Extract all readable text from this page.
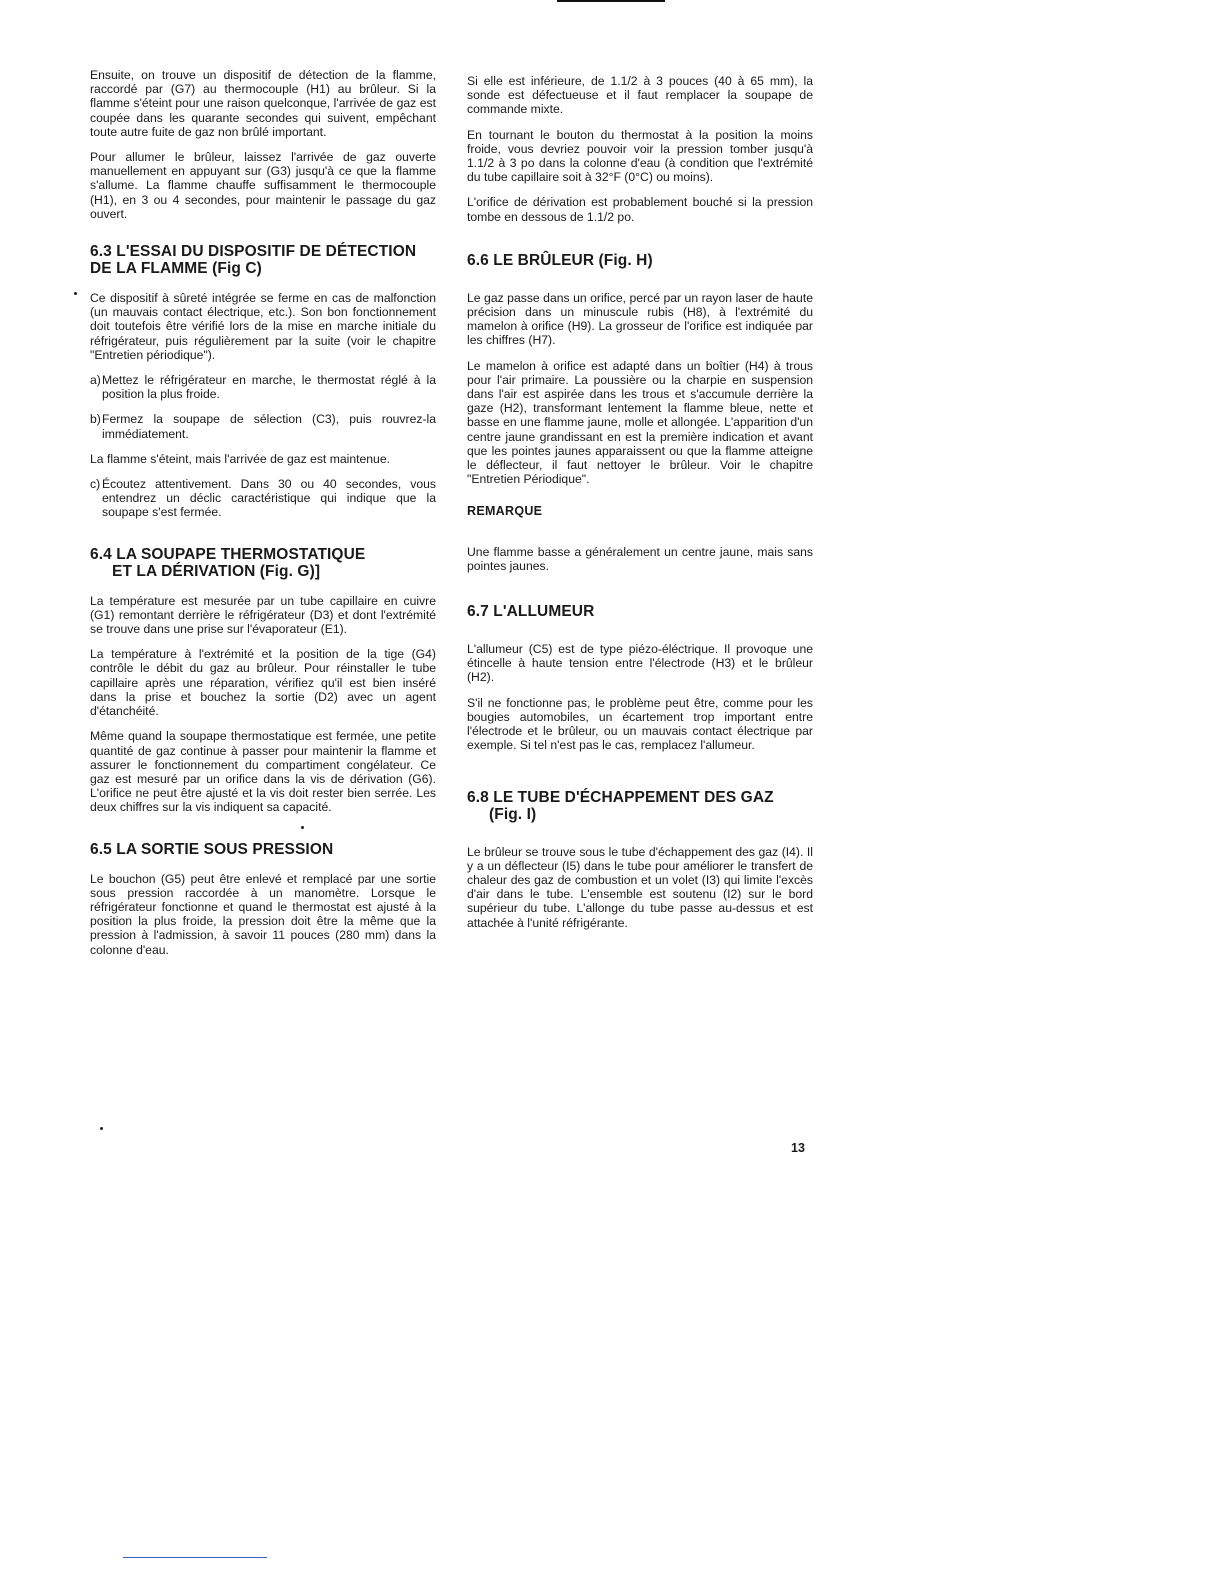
Ensuite, on trouve un dispositif de détection de la flamme, raccordé par (G7) au thermocouple (H1) au brûleur. Si la flamme s'éteint pour une raison quelconque, l'arrivée de gaz est coupée dans les quarante secondes qui suivent, empêchant toute autre fuite de gaz non brûlé important.

Pour allumer le brûleur, laissez l'arrivée de gaz ouverte manuellement en appuyant sur (G3) jusqu'à ce que la flamme s'allume. La flamme chauffe suffisamment le thermocouple (H1), en 3 ou 4 secondes, pour maintenir le passage du gaz ouvert.

6.3 L'ESSAI DU DISPOSITIF DE DÉTECTION
DE LA FLAMME (Fig C)

Ce dispositif à sûreté intégrée se ferme en cas de malfonction (un mauvais contact électrique, etc.). Son bon fonctionnement doit toutefois être vérifié lors de la mise en marche initiale du réfrigérateur, puis régulièrement par la suite (voir le chapitre "Entretien périodique").

a) Mettez le réfrigérateur en marche, le thermostat réglé à la position la plus froide.
b) Fermez la soupape de sélection (C3), puis rouvrez-la immédiatement.

La flamme s'éteint, mais l'arrivée de gaz est maintenue.

c) Écoutez attentivement. Dans 30 ou 40 secondes, vous entendrez un déclic caractéristique qui indique que la soupape s'est fermée.
6.4 LA SOUPAPE THERMOSTATIQUE
ET LA DÉRIVATION (Fig. G)]

La température est mesurée par un tube capillaire en cuivre (G1) remontant derrière le réfrigérateur (D3) et dont l'extrémité se trouve dans une prise sur l'évaporateur (E1).

La température à l'extrémité et la position de la tige (G4) contrôle le débit du gaz au brûleur. Pour réinstaller le tube capillaire après une réparation, vérifiez qu'il est bien inséré dans la prise et bouchez la sortie (D2) avec un agent d'étanchéité.

Même quand la soupape thermostatique est fermée, une petite quantité de gaz continue à passer pour maintenir la flamme et assurer le fonctionnement du compartiment congélateur. Ce gaz est mesuré par un orifice dans la vis de dérivation (G6). L'orifice ne peut être ajusté et la vis doit rester bien serrée. Les deux chiffres sur la vis indiquent sa capacité.

6.5 LA SORTIE SOUS PRESSION

Le bouchon (G5) peut être enlevé et remplacé par une sortie sous pression raccordée à un manomètre. Lorsque le réfrigérateur fonctionne et quand le thermostat est ajusté à la position la plus froide, la pression doit être la même que la pression à l'admission, à savoir 11 pouces (280 mm) dans la colonne d'eau.

Si elle est inférieure, de 1.1/2 à 3 pouces (40 à 65 mm), la sonde est défectueuse et il faut remplacer la soupape de commande mixte.

En tournant le bouton du thermostat à la position la moins froide, vous devriez pouvoir voir la pression tomber jusqu'à 1.1/2 à 3 po dans la colonne d'eau (à condition que l'extrémité du tube capillaire soit à 32°F (0°C) ou moins).

L'orifice de dérivation est probablement bouché si la pression tombe en dessous de 1.1/2 po.

6.6 LE BRÛLEUR (Fig. H)

Le gaz passe dans un orifice, percé par un rayon laser de haute précision dans un minuscule rubis (H8), à l'extrémité du mamelon à orifice (H9). La grosseur de l'orifice est indiquée par les chiffres (H7).

Le mamelon à orifice est adapté dans un boîtier (H4) à trous pour l'air primaire. La poussière ou la charpie en suspension dans l'air est aspirée dans les trous et s'accumule derrière la gaze (H2), transformant lentement la flamme bleue, nette et basse en une flamme jaune, molle et allongée. L'apparition d'un centre jaune grandissant en est la première indication et avant que les pointes jaunes apparaissent ou que la flamme atteigne le déflecteur, il faut nettoyer le brûleur. Voir le chapitre "Entretien Périodique".

REMARQUE

Une flamme basse a généralement un centre jaune, mais sans pointes jaunes.

6.7 L'ALLUMEUR

L'allumeur (C5) est de type piézo-éléctrique. Il provoque une étincelle à haute tension entre l'électrode (H3) et le brûleur (H2).

S'il ne fonctionne pas, le problème peut être, comme pour les bougies automobiles, un écartement trop important entre l'électrode et le brûleur, ou un mauvais contact électrique par exemple. Si tel n'est pas le cas, remplacez l'allumeur.

6.8 LE TUBE D'ÉCHAPPEMENT DES GAZ
(Fig. I)

Le brûleur se trouve sous le tube d'échappement des gaz (I4). Il y a un déflecteur (I5) dans le tube pour améliorer le transfert de chaleur des gaz de combustion et un volet (I3) qui limite l'excès d'air dans le tube. L'ensemble est soutenu (I2) sur le bord supérieur du tube. L'allonge du tube passe au-dessus et est attachée à l'unité réfrigérante.

13
